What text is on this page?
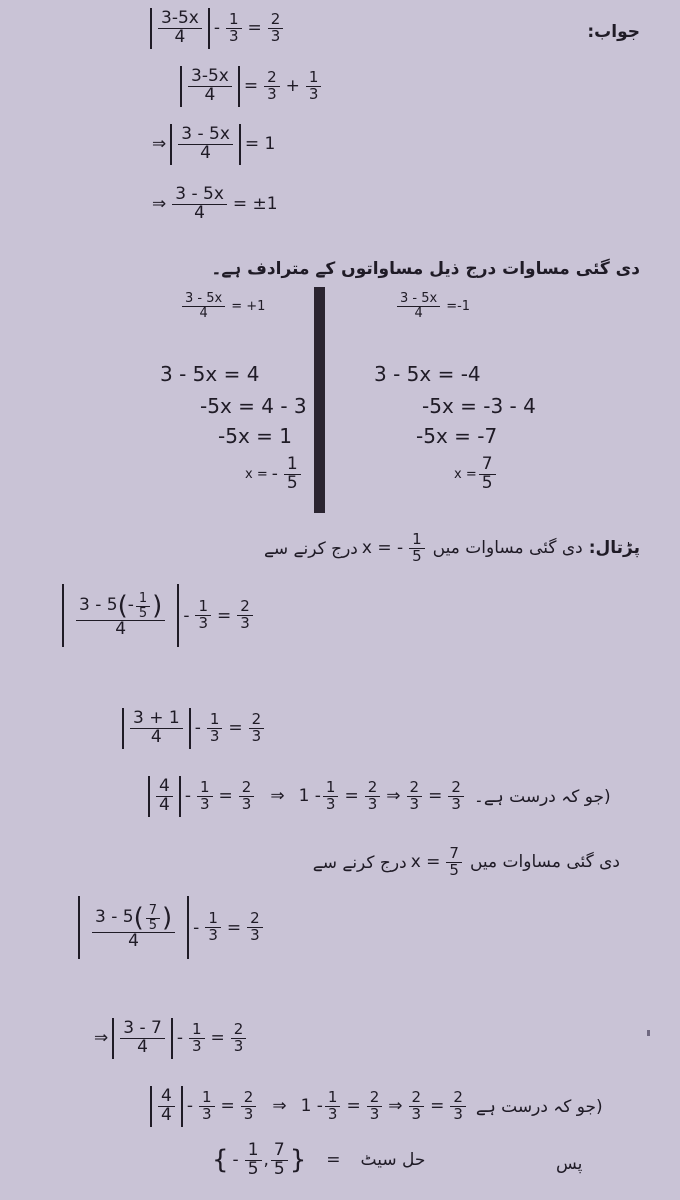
جواب:
$\frac{3-5x}{4} - \frac{1}{3} = \frac{2}{3}$
$\frac{3-5x}{4} = \frac{2}{3} + \frac{1}{3}$
⇒ $\frac{3 - 5x}{4} = 1$
⇒ $\frac{3 - 5x}{4} = \pm 1$
دی گئی مساوات درج ذیل مساواتوں کے مترادف ہے۔
$\frac{3 - 5x}{4} = +1$
3 - 5x = 4
-5x = 4 - 3
-5x = 1
x = - $\frac{1}{5}$
$\frac{3 - 5x}{4} =-1$
3 - 5x = -4
-5x = -3 - 4
-5x = -7
$x = \frac{7}{5}$
درج کرنے سے x = - $\frac{1}{5}$ دی گئی مساوات میں پڑتال:
$\frac{3 - 5 ( - \frac{1}{5} )}{4} - \frac{1}{3} = \frac{2}{3}$
$\frac{3 + 1}{4} - \frac{1}{3} = \frac{2}{3}$
$\frac{4}{4} - \frac{1}{3} = \frac{2}{3}$ ⇒ $1 - \frac{1}{3} = \frac{2}{3}$ ⇒ $\frac{2}{3} = \frac{2}{3}$ (جو کہ درست ہے۔
درج کرنے سے $x = \frac{7}{5}$ دی گئی مساوات میں
$\frac{3 - 5 ( \frac{7}{5} )}{4} - \frac{1}{3} = \frac{2}{3}$
⇒ $\frac{3 - 7}{4} - \frac{1}{3} = \frac{2}{3}$
$\frac{4}{4} - \frac{1}{3} = \frac{2}{3}$ ⇒ $1 - \frac{1}{3} = \frac{2}{3}$ ⇒ $\frac{2}{3} = \frac{2}{3}$ (جو کہ درست ہے
{ - $\frac{1}{5}$ , $\frac{7}{5}$ } = حل سیٹ	پس
